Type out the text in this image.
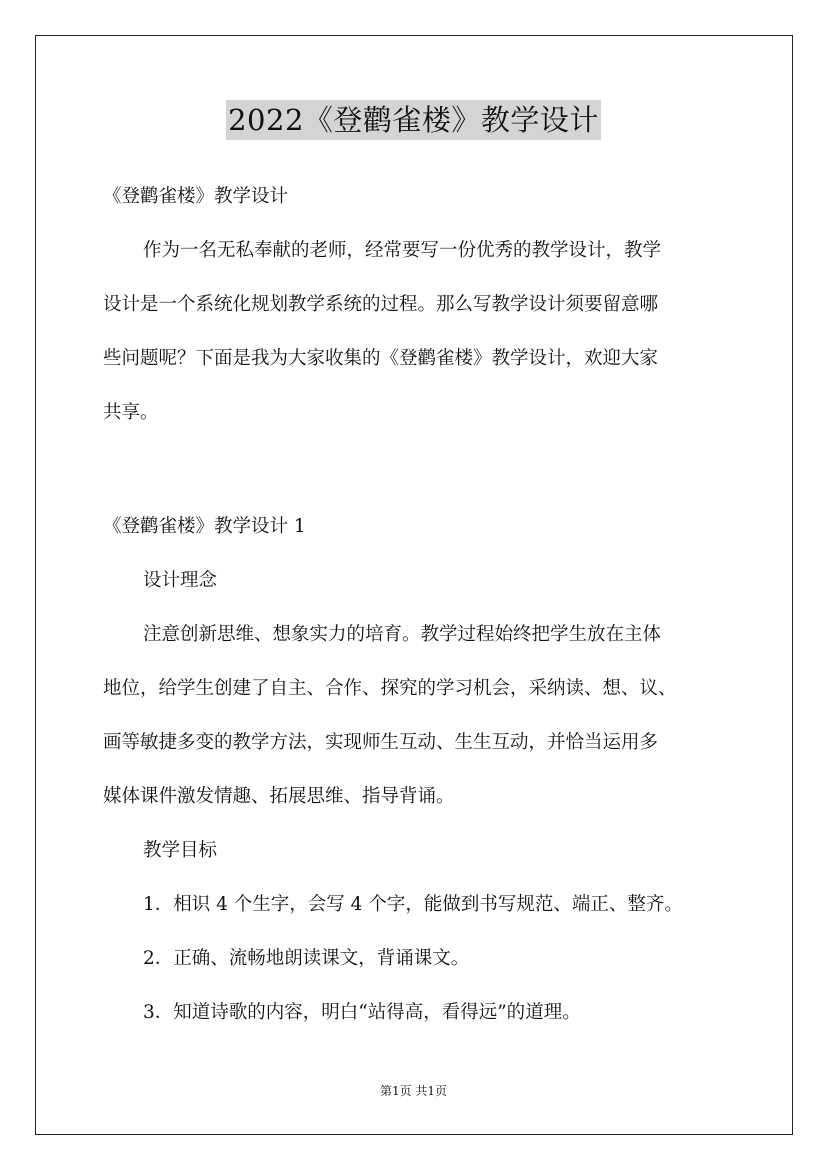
2022《登鹳雀楼》教学设计
《登鹳雀楼》教学设计
作为一名无私奉献的老师，经常要写一份优秀的教学设计，教学
设计是一个系统化规划教学系统的过程。那么写教学设计须要留意哪
些问题呢？下面是我为大家收集的《登鹳雀楼》教学设计，欢迎大家
共享。
《登鹳雀楼》教学设计 1
设计理念
注意创新思维、想象实力的培育。教学过程始终把学生放在主体
地位，给学生创建了自主、合作、探究的学习机会，采纳读、想、议、
画等敏捷多变的教学方法，实现师生互动、生生互动，并恰当运用多
媒体课件激发情趣、拓展思维、指导背诵。
教学目标
1．相识 4 个生字，会写 4 个字，能做到书写规范、端正、整齐。
2．正确、流畅地朗读课文，背诵课文。
3．知道诗歌的内容，明白“站得高，看得远”的道理。
第1页 共1页
